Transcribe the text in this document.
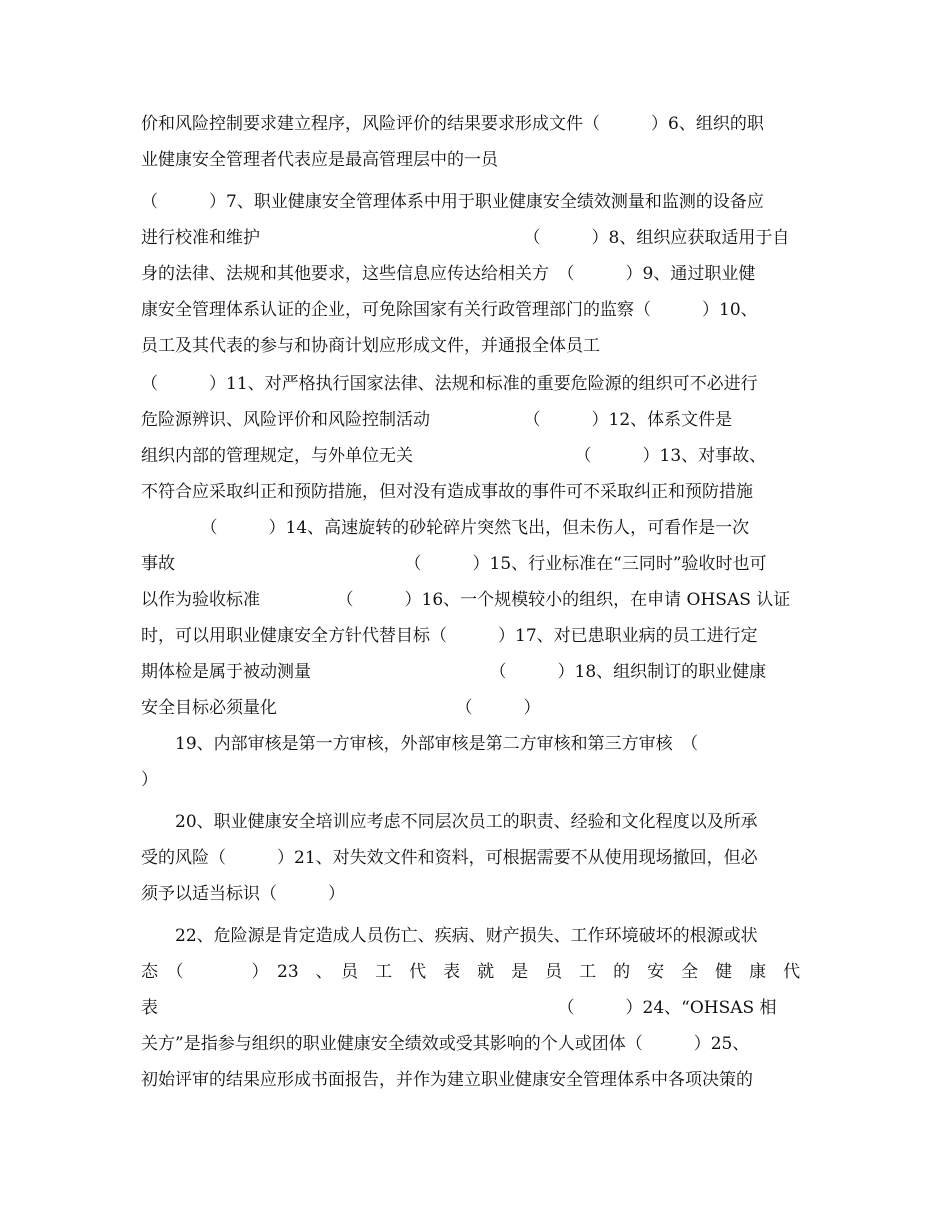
价和风险控制要求建立程序，风险评价的结果要求形成文件（　　　）6、组织的职
业健康安全管理者代表应是最高管理层中的一员
（　　　）7、职业健康安全管理体系中用于职业健康安全绩效测量和监测的设备应
进行校准和维护　　　　　　　　　　　　　　　　（　　　）8、组织应获取适用于自
身的法律、法规和其他要求，这些信息应传达给相关方　（　　　）9、通过职业健
康安全管理体系认证的企业，可免除国家有关行政管理部门的监察（　　　）10、
员工及其代表的参与和协商计划应形成文件，并通报全体员工
（　　　）11、对严格执行国家法律、法规和标准的重要危险源的组织可不必进行
危险源辨识、风险评价和风险控制活动　　　　　　（　　　）12、体系文件是
组织内部的管理规定，与外单位无关　　　　　　　　　　（　　　）13、对事故、
不符合应采取纠正和预防措施，但对没有造成事故的事件可不采取纠正和预防措施
　　　　（　　　）14、高速旋转的砂轮碎片突然飞出，但未伤人，可看作是一次
事故　　　　　　　　　　　　　　（　　　）15、行业标准在“三同时”验收时也可
以作为验收标准　　　　　（　　　）16、一个规模较小的组织，在申请 OHSAS 认证
时，可以用职业健康安全方针代替目标（　　　）17、对已患职业病的员工进行定
期体检是属于被动测量　　　　　　　　　　　（　　　）18、组织制订的职业健康
安全目标必须量化　　　　　　　　　　　（　　　）
19、内部审核是第一方审核，外部审核是第二方审核和第三方审核　（
）
20、职业健康安全培训应考虑不同层次员工的职责、经验和文化程度以及所承
受的风险（　　　）21、对失效文件和资料，可根据需要不从使用现场撤回，但必
须予以适当标识（　　　）
22、危险源是肯定造成人员伤亡、疾病、财产损失、工作环境破坏的根源或状
态　（　　　　）　23　、　员　工　代　表　就　是　员　工　的　安　全　健　康　代
表　　　　　　　　　　　　　　　　　　　　　　　　（　　　）24、“OHSAS 相
关方”是指参与组织的职业健康安全绩效或受其影响的个人或团体（　　　）25、
初始评审的结果应形成书面报告，并作为建立职业健康安全管理体系中各项决策的
